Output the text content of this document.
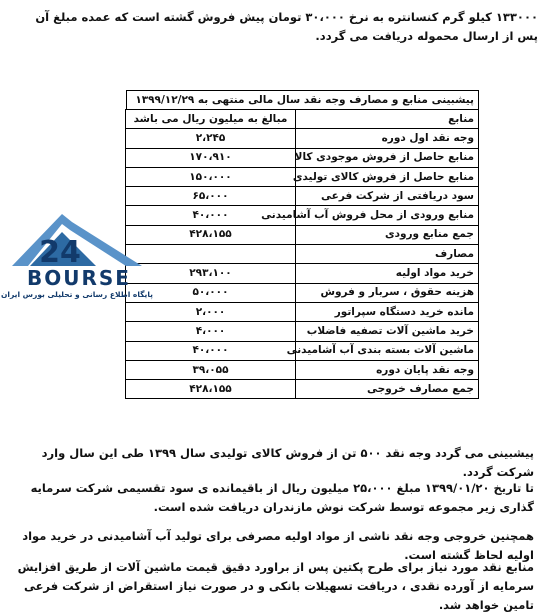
۱۳۳۰۰۰ کیلو گرم کنسانتره به نرخ ۳۰،۰۰۰ تومان پیش فروش گشته است که عمده مبلغ آن پس از ارسال محموله دریافت می گردد.
پیشبینی منابع و مصارف وجه نقد سال مالی منتهی به ۱۳۹۹/۱۲/۲۹
منابع	مبالغ به میلیون ریال می باشد
وجه نقد اول دوره	۲،۲۴۵
منابع حاصل از فروش موجودی کالا	۱۷۰،۹۱۰
منابع حاصل از فروش کالای تولیدی	۱۵۰،۰۰۰
سود دریافتی از شرکت فرعی	۶۵،۰۰۰
منابع ورودی از محل فروش آب آشامیدنی	۴۰،۰۰۰
جمع منابع ورودی	۴۲۸،۱۵۵
مصارف	
خرید مواد اولیه	۲۹۳،۱۰۰
هزینه حقوق ، سربار و فروش	۵۰،۰۰۰
مانده خرید دستگاه سپراتور	۲،۰۰۰
خرید ماشین آلات تصفیه فاضلاب	۴،۰۰۰
ماشین آلات بسته بندی آب آشامیدنی	۴۰،۰۰۰
وجه نقد پایان دوره	۳۹،۰۵۵
جمع مصارف خروجی	۴۲۸،۱۵۵
24
BOURSE
پایگاه اطلاع رسانی و تحلیلی بورس ایران
پیشبینی می گردد وجه نقد ۵۰۰ تن از فروش کالای تولیدی سال ۱۳۹۹ طی این سال وارد شرکت گردد.
تا تاریخ ۱۳۹۹/۰۱/۲۰ مبلغ ۲۵،۰۰۰ میلیون ریال از باقیمانده ی سود تقسیمی شرکت سرمایه گذاری زیر مجموعه توسط شرکت نوش مازندران دریافت شده است.
همچنین خروجی وجه نقد ناشی از مواد اولیه مصرفی برای تولید آب آشامیدنی در خرید مواد اولیه لحاظ گشته است.
منابع نقد مورد نیاز برای طرح پکتین پس از براورد دقیق قیمت ماشین آلات از طریق افزایش سرمایه از آورده نقدی ، دریافت تسهیلات بانکی و در صورت نیاز استقراض از شرکت فرعی تامین خواهد شد.
